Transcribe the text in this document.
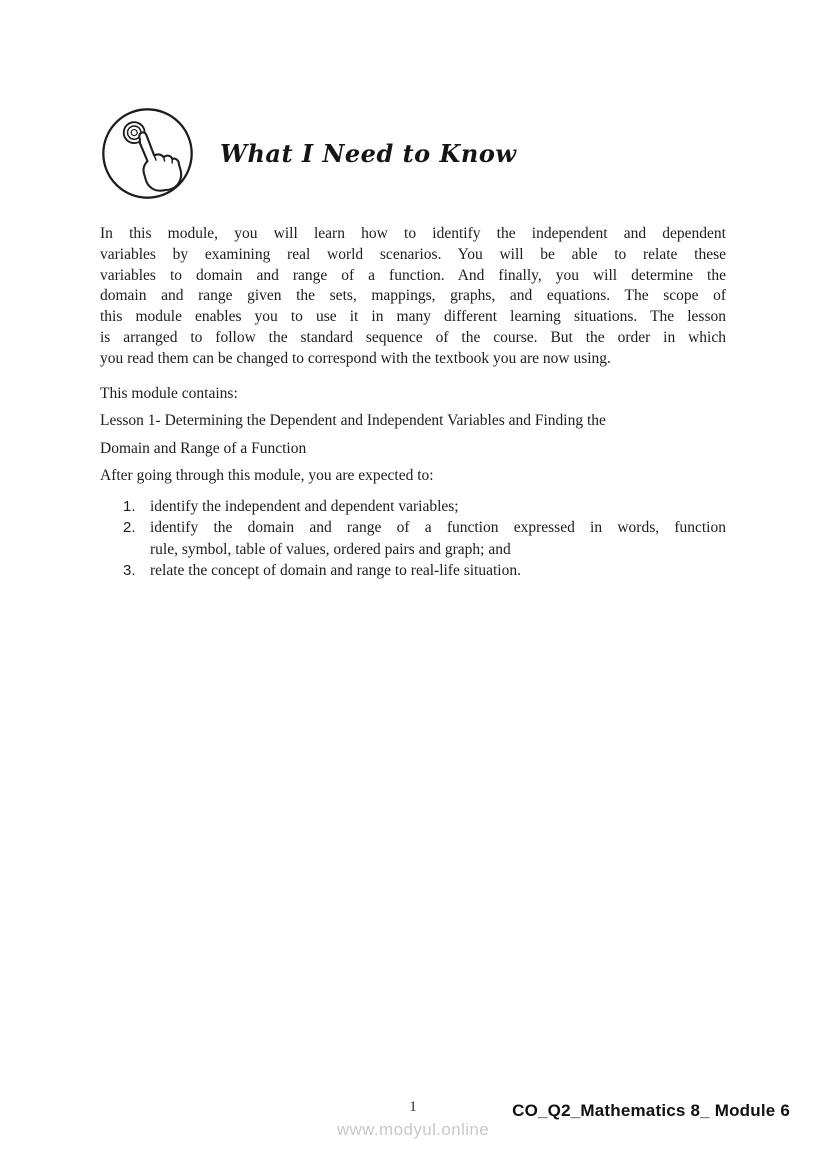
What I Need to Know
In this module, you will learn how to identify the independent and dependent
variables by examining real world scenarios. You will be able to relate these
variables to domain and range of a function. And finally, you will determine the
domain and range given the sets, mappings, graphs, and equations. The scope of
this module enables you to use it in many different learning situations. The lesson
is arranged to follow the standard sequence of the course. But the order in which
you read them can be changed to correspond with the textbook you are now using.

This module contains:

Lesson 1- Determining the Dependent and Independent Variables and Finding the

Domain and Range of a Function

After going through this module, you are expected to:

1. identify the independent and dependent variables;
2. identify the domain and range of a function expressed in words, function
rule, symbol, table of values, ordered pairs and graph; and
3. relate the concept of domain and range to real-life situation.
1
www.modyul.online
CO_Q2_Mathematics 8_ Module 6
